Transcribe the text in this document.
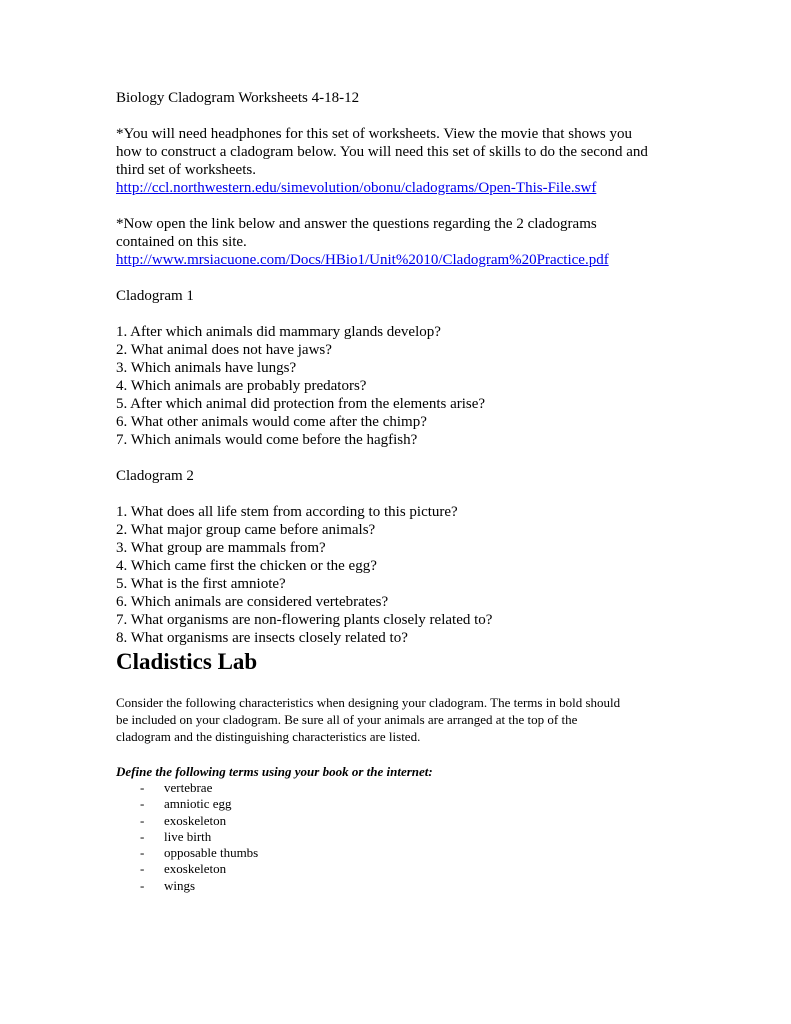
Biology Cladogram Worksheets 4-18-12

*You will need headphones for this set of worksheets. View the movie that shows you
how to construct a cladogram below. You will need this set of skills to do the second and
third set of worksheets.
http://ccl.northwestern.edu/simevolution/obonu/cladograms/Open-This-File.swf
*Now open the link below and answer the questions regarding the 2 cladograms
contained on this site.
http://www.mrsiacuone.com/Docs/HBio1/Unit%2010/Cladogram%20Practice.pdf

Cladogram 1

1. After which animals did mammary glands develop?
2. What animal does not have jaws?
3. Which animals have lungs?
4. Which animals are probably predators?
5. After which animal did protection from the elements arise?
6. What other animals would come after the chimp?
7. Which animals would come before the hagfish?

Cladogram 2

1. What does all life stem from according to this picture?
2. What major group came before animals?
3. What group are mammals from?
4. Which came first the chicken or the egg?
5. What is the first amniote?
6. Which animals are considered vertebrates?
7. What organisms are non-flowering plants closely related to?
8. What organisms are insects closely related to?
Cladistics Lab
Consider the following characteristics when designing your cladogram. The terms in bold should
be included on your cladogram. Be sure all of your animals are arranged at the top of the
cladogram and the distinguishing characteristics are listed.
Define the following terms using your book or the internet:
-	vertebrae
-	amniotic egg
-	exoskeleton
-	live birth
-	opposable thumbs
-	exoskeleton
-	wings
